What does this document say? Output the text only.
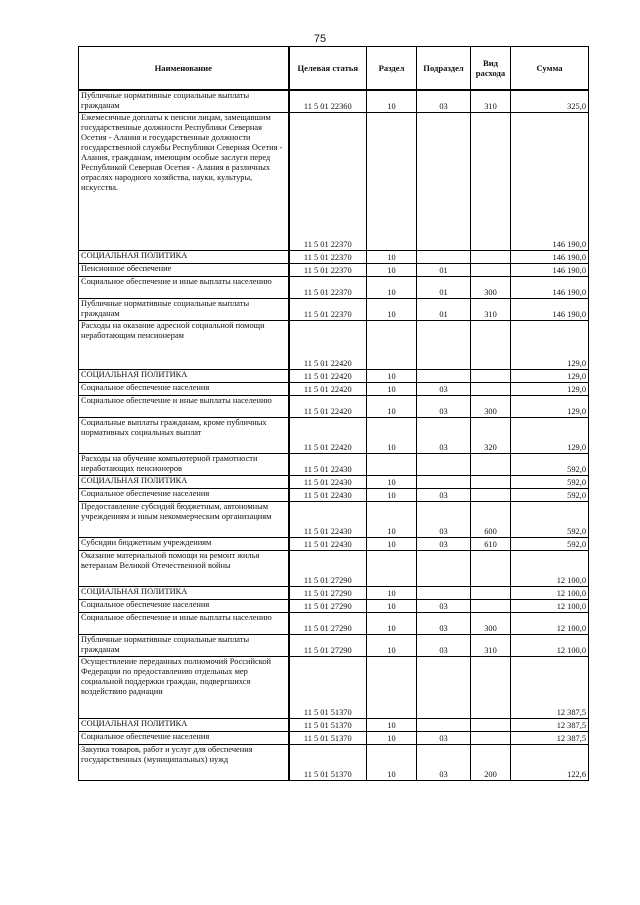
75
Наименование	Целевая статья	Раздел	Подраздел	Вид расхода	Сумма
Публичные нормативные социальные выплаты гражданам	11 5 01 22360	10	03	310	325,0
Ежемесячные доплаты к пенсии лицам, замещавшим государственные должности Республики Северная Осетия - Алания и государственные должности государственной службы Республики Северная Осетия - Алания, гражданам, имеющим особые заслуги перед Республикой Северная Осетия - Алания в различных отраслях народного хозяйства, науки, культуры, искусства.	11 5 01 22370				146 190,0
СОЦИАЛЬНАЯ ПОЛИТИКА	11 5 01 22370	10			146 190,0
Пенсионное обеспечение	11 5 01 22370	10	01		146 190,0
Социальное обеспечение и иные выплаты населению	11 5 01 22370	10	01	300	146 190,0
Публичные нормативные социальные выплаты гражданам	11 5 01 22370	10	01	310	146 190,0
Расходы на оказание адресной социальной помощи неработающим пенсионерам	11 5 01 22420				129,0
СОЦИАЛЬНАЯ ПОЛИТИКА	11 5 01 22420	10			129,0
Социальное обеспечение населения	11 5 01 22420	10	03		129,0
Социальное обеспечение и иные выплаты населению	11 5 01 22420	10	03	300	129,0
Социальные выплаты гражданам, кроме публичных нормативных социальных выплат	11 5 01 22420	10	03	320	129,0
Расходы на обучение компьютерной грамотности неработающих пенсионеров	11 5 01 22430				592,0
СОЦИАЛЬНАЯ ПОЛИТИКА	11 5 01 22430	10			592,0
Социальное обеспечение населения	11 5 01 22430	10	03		592,0
Предоставление субсидий бюджетным, автономным учреждениям и иным некоммерческим организациям	11 5 01 22430	10	03	600	592,0
Субсидии бюджетным учреждениям	11 5 01 22430	10	03	610	592,0
Оказание материальной помощи на ремонт жилья ветеранам Великой Отечественной войны	11 5 01 27290				12 100,0
СОЦИАЛЬНАЯ ПОЛИТИКА	11 5 01 27290	10			12 100,0
Социальное обеспечение населения	11 5 01 27290	10	03		12 100,0
Социальное обеспечение и иные выплаты населению	11 5 01 27290	10	03	300	12 100,0
Публичные нормативные социальные выплаты гражданам	11 5 01 27290	10	03	310	12 100,0
Осуществление переданных полномочий Российской Федерации по предоставлению отдельных мер социальной поддержки граждан, подвергшихся воздействию радиации	11 5 01 51370				12 387,5
СОЦИАЛЬНАЯ ПОЛИТИКА	11 5 01 51370	10			12 387,5
Социальное обеспечение населения	11 5 01 51370	10	03		12 387,5
Закупка товаров, работ и услуг для обеспечения государственных (муниципальных) нужд	11 5 01 51370	10	03	200	122,6
